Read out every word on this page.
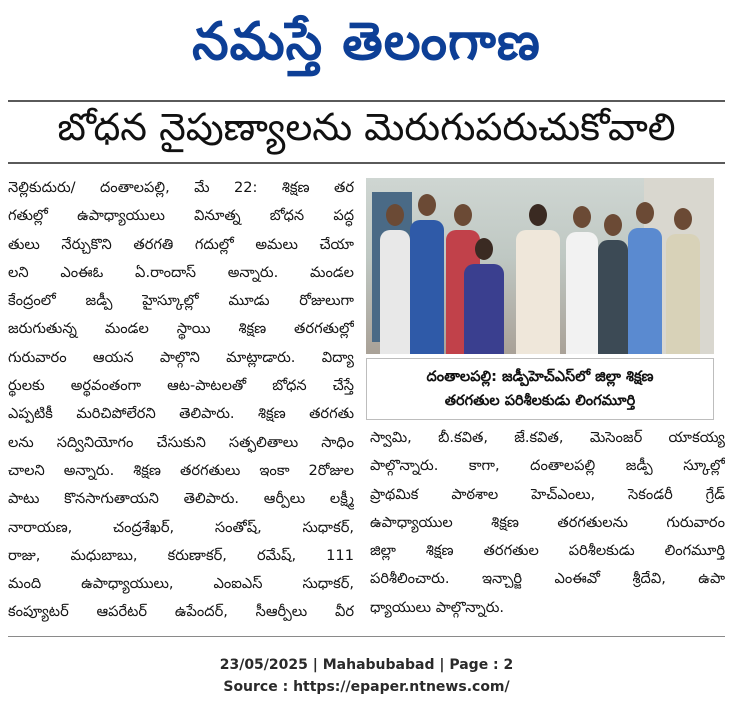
నమస్తే తెలంగాణ
బోధన నైపుణ్యాలను మెరుగుపరుచుకోవాలి
నెల్లికుదురు/ దంతాలపల్లి, మే 22: శిక్షణ తర
గతుల్లో ఉపాధ్యాయులు వినూత్న బోధన పద్ధ
తులు నేర్చుకొని తరగతి గదుల్లో అమలు చేయా
లని ఎంఈఓ ఏ.రాందాస్ అన్నారు. మండల
కేంద్రంలో జడ్పీ హైస్కూల్లో మూడు రోజులుగా
జరుగుతున్న మండల స్థాయి శిక్షణ తరగతుల్లో
గురువారం ఆయన పాల్గొని మాట్లాడారు. విద్యా
ర్థులకు అర్థవంతంగా ఆట-పాటలతో బోధన చేస్తే
ఎప్పటికీ మరిచిపోలేరని తెలిపారు. శిక్షణ తరగతు
లను సద్వినియోగం చేసుకుని సత్ఫలితాలు సాధిం
చాలని అన్నారు. శిక్షణ తరగతులు ఇంకా 2రోజుల
పాటు కొనసాగుతాయని తెలిపారు. ఆర్పీలు లక్ష్మీ
నారాయణ, చంద్రశేఖర్, సంతోష్, సుధాకర్,
రాజు, మధుబాబు, కరుణాకర్, రమేష్, 111
మంది ఉపాధ్యాయులు, ఎంఐఎస్ సుధాకర్,
కంప్యూటర్ ఆపరేటర్ ఉపేందర్, సీఆర్పీలు వీర
దంతాలపల్లి: జడ్పీహెచ్ఎస్‌లో జిల్లా శిక్షణ
తరగతుల పరిశీలకుడు లింగమూర్తి
స్వామి, బీ.కవిత, జే.కవిత, మెసెంజర్ యాకయ్య
పాల్గొన్నారు. కాగా, దంతాలపల్లి జడ్పీ స్కూల్లో
ప్రాథమిక పాఠశాల హెచ్ఎంలు, సెకండరీ గ్రేడ్
ఉపాధ్యాయుల శిక్షణ తరగతులను గురువారం
జిల్లా శిక్షణ తరగతుల పరిశీలకుడు లింగమూర్తి
పరిశీలించారు. ఇన్చార్జి ఎంఈవో శ్రీదేవి, ఉపా
ధ్యాయులు పాల్గొన్నారు.
23/05/2025 | Mahabubabad | Page : 2
Source : https://epaper.ntnews.com/
